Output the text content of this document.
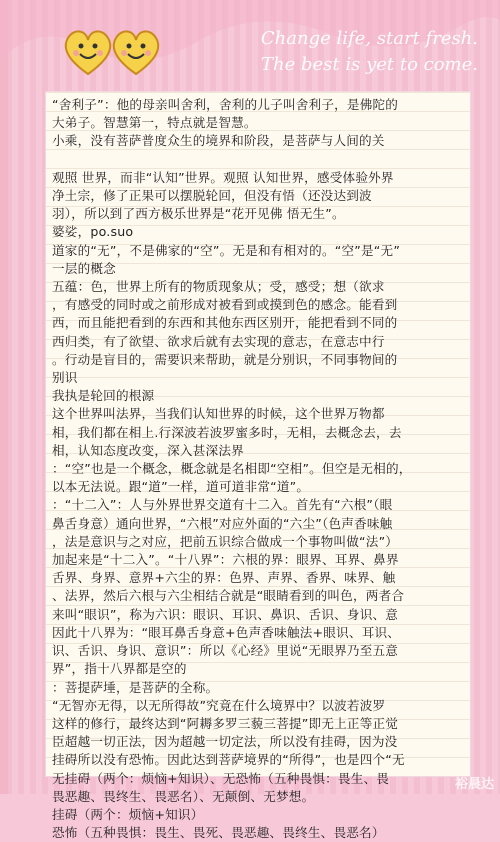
Change life, start fresh.
The best is yet to come.

“舍利子”：他的母亲叫舍利，舍利的儿子叫舍利子，是佛陀的

大弟子。智慧第一，特点就是智慧。

小乘，没有菩萨普度众生的境界和阶段，是菩萨与人间的关

观照 世界，而非“认知”世界。观照 认知世界，感受体验外界

净土宗，修了正果可以摆脱轮回，但没有悟（还没达到波

羽），所以到了西方极乐世界是“花开见佛 悟无生”。

婆娑，po.suo

道家的“无”，不是佛家的“空”。无是和有相对的。“空”是“无”

一层的概念

五蕴：色，世界上所有的物质现象从；受，感受；想（欲求

，有感受的同时或之前形成对被看到或摸到色的感念。能看到

西，而且能把看到的东西和其他东西区别开，能把看到不同的

西归类，有了欲望、欲求后就有去实现的意志，在意志中行

。行动是盲目的，需要识来帮助，就是分别识，不同事物间的

别识

我执是轮回的根源

这个世界叫法界，当我们认知世界的时候，这个世界万物都

相，我们都在相上.行深波若波罗蜜多时，无相，去概念去，去

相，认知态度改变，深入甚深法界

：“空”也是一个概念，概念就是名相即“空相”。但空是无相的，

以本无法说。跟“道”一样，道可道非常“道”。

：“十二入”：人与外界世界交道有十二入。首先有“六根”（眼

鼻舌身意）通向世界，“六根”对应外面的“六尘”（色声香味触

，法是意识与之对应，把前五识综合做成一个事物叫做“法”）

加起来是“十二入”。“十八界”：六根的界：眼界、耳界、鼻界

舌界、身界、意界+六尘的界：色界、声界、香界、味界、触

、法界，然后六根与六尘相结合就是“眼睛看到的叫色，两者合

来叫“眼识”，称为六识：眼识、耳识、鼻识、舌识、身识、意

因此十八界为：“眼耳鼻舌身意+色声香味触法+眼识、耳识、

识、舌识、身识、意识”：所以《心经》里说“无眼界乃至五意

界”，指十八界都是空的

：菩提萨埵，是菩萨的全称。

“无智亦无得，以无所得故”究竟在什么境界中？以波若波罗

这样的修行，最终达到“阿耨多罗三藐三菩提”即无上正等正觉

臣超越一切正法，因为超越一切定法，所以没有挂碍，因为没

挂碍所以没有恐怖。因此达到菩萨境界的“所得”，也是四个“无

无挂碍（两个：烦恼+知识）、无恐怖（五种畏惧：畏生、畏

畏恶趣、畏终生、畏恶名）、无颠倒、无梦想。

挂碍（两个：烦恼+知识）

恐怖（五种畏惧：畏生、畏死、畏恶趣、畏终生、畏恶名）

裕晨达
